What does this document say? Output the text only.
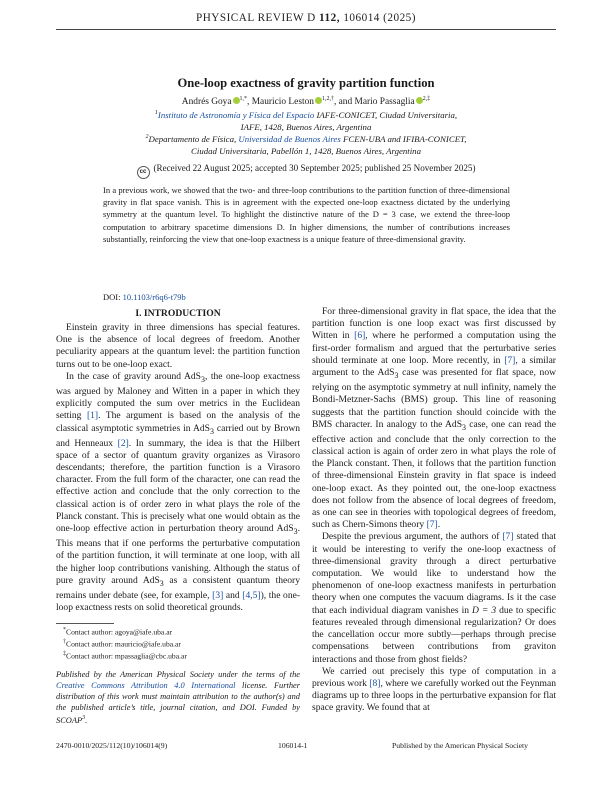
PHYSICAL REVIEW D 112, 106014 (2025)
One-loop exactness of gravity partition function
Andrés Goya $^{1,*}$, Mauricio Leston $^{1,2,\dagger}$, and Mario Passaglia $^{2,\ddagger}$
$^1$Instituto de Astronomía y Física del Espacio IAFE-CONICET, Ciudad Universitaria,
IAFE, 1428, Buenos Aires, Argentina
$^2$Departamento de Física, Universidad de Buenos Aires FCEN-UBA and IFIBA-CONICET,
Ciudad Universitaria, Pabellón 1, 1428, Buenos Aires, Argentina
cc (Received 22 August 2025; accepted 30 September 2025; published 25 November 2025)
In a previous work, we showed that the two- and three-loop contributions to the partition function of three-dimensional gravity in flat space vanish. This is in agreement with the expected one-loop exactness dictated by the underlying symmetry at the quantum level. To highlight the distinctive nature of the D = 3 case, we extend the three-loop computation to arbitrary spacetime dimensions D. In higher dimensions, the number of contributions increases substantially, reinforcing the view that one-loop exactness is a unique feature of three-dimensional gravity.
DOI: 10.1103/r6q6-t79b
I. INTRODUCTION

Einstein gravity in three dimensions has special features. One is the absence of local degrees of freedom. Another peculiarity appears at the quantum level: the partition function turns out to be one-loop exact.

In the case of gravity around AdS$_3$, the one-loop exactness was argued by Maloney and Witten in a paper in which they explicitly computed the sum over metrics in the Euclidean setting [1]. The argument is based on the analysis of the classical asymptotic symmetries in AdS$_3$ carried out by Brown and Henneaux [2]. In summary, the idea is that the Hilbert space of a sector of quantum gravity organizes as Virasoro descendants; therefore, the partition function is a Virasoro character. From the full form of the character, one can read the effective action and conclude that the only correction to the classical action is of order zero in what plays the role of the Planck constant. This is precisely what one would obtain as the one-loop effective action in perturbation theory around AdS$_3$. This means that if one performs the perturbative computation of the partition function, it will terminate at one loop, with all the higher loop contributions vanishing. Although the status of pure gravity around AdS$_3$ as a consistent quantum theory remains under debate (see, for example, [3] and [4,5]), the one-loop exactness rests on solid theoretical grounds.

*Contact author: agoya@iafe.uba.ar
†Contact author: mauricio@iafe.uba.ar
‡Contact author: mpassaglia@cbc.uba.ar
Published by the American Physical Society under the terms of the Creative Commons Attribution 4.0 International license. Further distribution of this work must maintain attribution to the author(s) and the published article’s title, journal citation, and DOI. Funded by SCOAP$^3$.

For three-dimensional gravity in flat space, the idea that the partition function is one loop exact was first discussed by Witten in [6], where he performed a computation using the first-order formalism and argued that the perturbative series should terminate at one loop. More recently, in [7], a similar argument to the AdS$_3$ case was presented for flat space, now relying on the asymptotic symmetry at null infinity, namely the Bondi-Metzner-Sachs (BMS) group. This line of reasoning suggests that the partition function should coincide with the BMS character. In analogy to the AdS$_3$ case, one can read the effective action and conclude that the only correction to the classical action is again of order zero in what plays the role of the Planck constant. Then, it follows that the partition function of three-dimensional Einstein gravity in flat space is indeed one-loop exact. As they pointed out, the one-loop exactness does not follow from the absence of local degrees of freedom, as one can see in theories with topological degrees of freedom, such as Chern-Simons theory [7].

Despite the previous argument, the authors of [7] stated that it would be interesting to verify the one-loop exactness of three-dimensional gravity through a direct perturbative computation. We would like to understand how the phenomenon of one-loop exactness manifests in perturbation theory when one computes the vacuum diagrams. Is it the case that each individual diagram vanishes in D = 3 due to specific features revealed through dimensional regularization? Or does the cancellation occur more subtly—perhaps through precise compensations between contributions from graviton interactions and those from ghost fields?

We carried out precisely this type of computation in a previous work [8], where we carefully worked out the Feynman diagrams up to three loops in the perturbative expansion for flat space gravity. We found that at

2470-0010/2025/112(10)/106014(9)	106014-1	Published by the American Physical Society
